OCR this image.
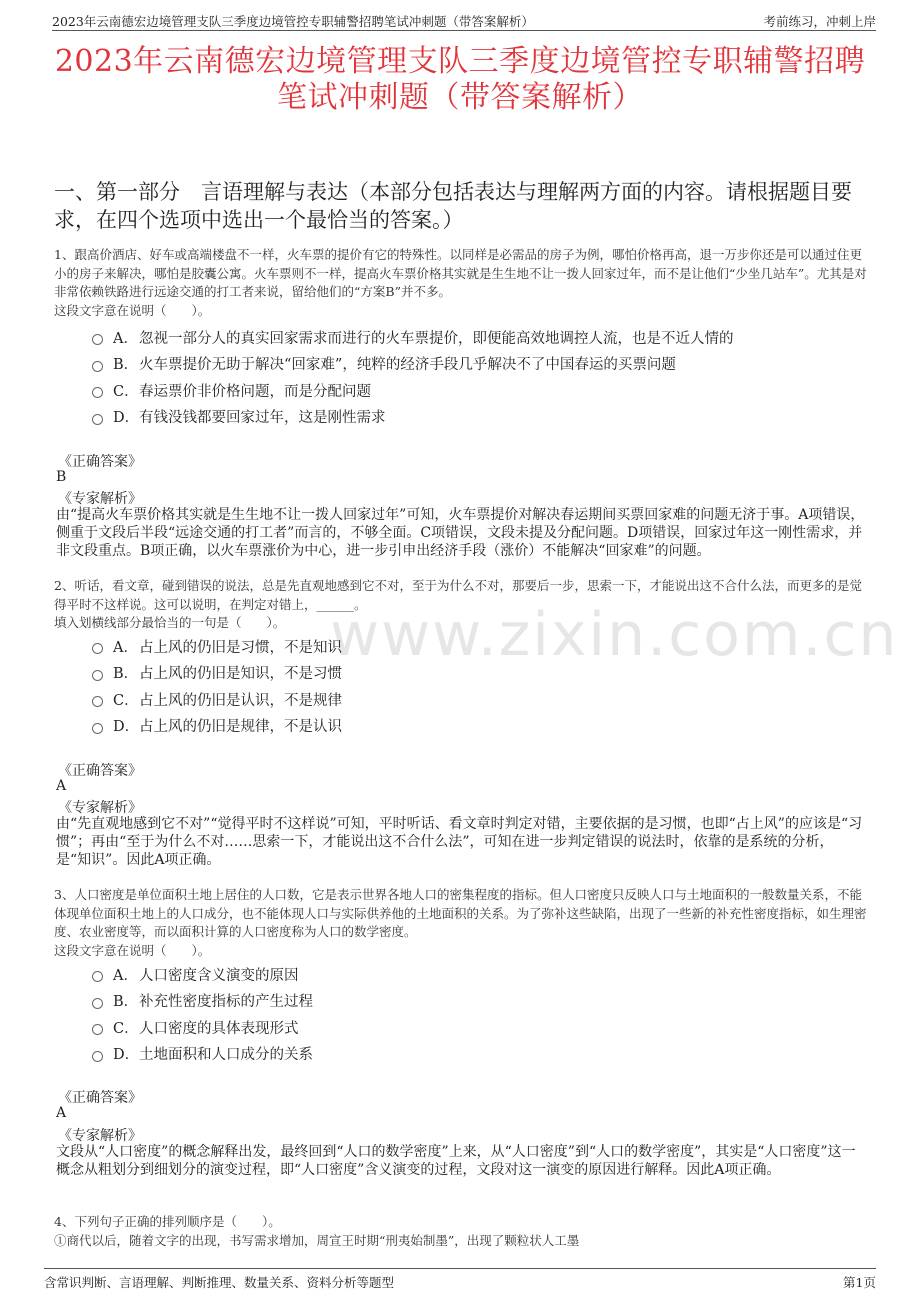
2023年云南德宏边境管理支队三季度边境管控专职辅警招聘笔试冲刺题（带答案解析）	考前练习，冲刺上岸
2023年云南德宏边境管理支队三季度边境管控专职辅警招聘笔试冲刺题（带答案解析）
一、第一部分　言语理解与表达（本部分包括表达与理解两方面的内容。请根据题目要求，在四个选项中选出一个最恰当的答案。）
www.zixin.com.cn
1、跟高价酒店、好车或高端楼盘不一样，火车票的提价有它的特殊性。以同样是必需品的房子为例，哪怕价格再高，退一万步你还是可以通过住更小的房子来解决，哪怕是胶囊公寓。火车票则不一样，提高火车票价格其实就是生生地不让一拨人回家过年，而不是让他们“少坐几站车”。尤其是对非常依赖铁路进行远途交通的打工者来说，留给他们的“方案B”并不多。
这段文字意在说明（　　）。
A． 忽视一部分人的真实回家需求而进行的火车票提价，即便能高效地调控人流，也是不近人情的
B． 火车票提价无助于解决“回家难”，纯粹的经济手段几乎解决不了中国春运的买票问题
C． 春运票价非价格问题，而是分配问题
D． 有钱没钱都要回家过年，这是刚性需求
《正确答案》
B
《专家解析》
由“提高火车票价格其实就是生生地不让一拨人回家过年”可知，火车票提价对解决春运期间买票回家难的问题无济于事。A项错误，侧重于文段后半段“远途交通的打工者”而言的，不够全面。C项错误，文段未提及分配问题。D项错误，回家过年这一刚性需求，并非文段重点。B项正确，以火车票涨价为中心，进一步引申出经济手段（涨价）不能解决“回家难”的问题。
2、听话，看文章，碰到错误的说法，总是先直观地感到它不对，至于为什么不对，那要后一步，思索一下，才能说出这不合什么法，而更多的是觉得平时不这样说。这可以说明，在判定对错上，______。
填入划横线部分最恰当的一句是（　　）。
A． 占上风的仍旧是习惯，不是知识
B． 占上风的仍旧是知识，不是习惯
C． 占上风的仍旧是认识，不是规律
D． 占上风的仍旧是规律，不是认识
《正确答案》
A
《专家解析》
由“先直观地感到它不对”“觉得平时不这样说”可知，平时听话、看文章时判定对错，主要依据的是习惯，也即“占上风”的应该是“习惯”；再由“至于为什么不对……思索一下，才能说出这不合什么法”，可知在进一步判定错误的说法时，依靠的是系统的分析，是“知识”。因此A项正确。
3、人口密度是单位面积土地上居住的人口数，它是表示世界各地人口的密集程度的指标。但人口密度只反映人口与土地面积的一般数量关系，不能体现单位面积土地上的人口成分，也不能体现人口与实际供养他的土地面积的关系。为了弥补这些缺陷，出现了一些新的补充性密度指标，如生理密度、农业密度等，而以面积计算的人口密度称为人口的数学密度。
这段文字意在说明（　　）。
A． 人口密度含义演变的原因
B． 补充性密度指标的产生过程
C． 人口密度的具体表现形式
D． 土地面积和人口成分的关系
《正确答案》
A
《专家解析》
文段从“人口密度”的概念解释出发，最终回到“人口的数学密度”上来，从“人口密度”到“人口的数学密度”，其实是“人口密度”这一概念从粗划分到细划分的演变过程，即“人口密度”含义演变的过程，文段对这一演变的原因进行解释。因此A项正确。
4、下列句子正确的排列顺序是（　　）。
①商代以后，随着文字的出现，书写需求增加，周宣王时期“刑夷始制墨”，出现了颗粒状人工墨
含常识判断、言语理解、判断推理、数量关系、资料分析等题型	第1页
